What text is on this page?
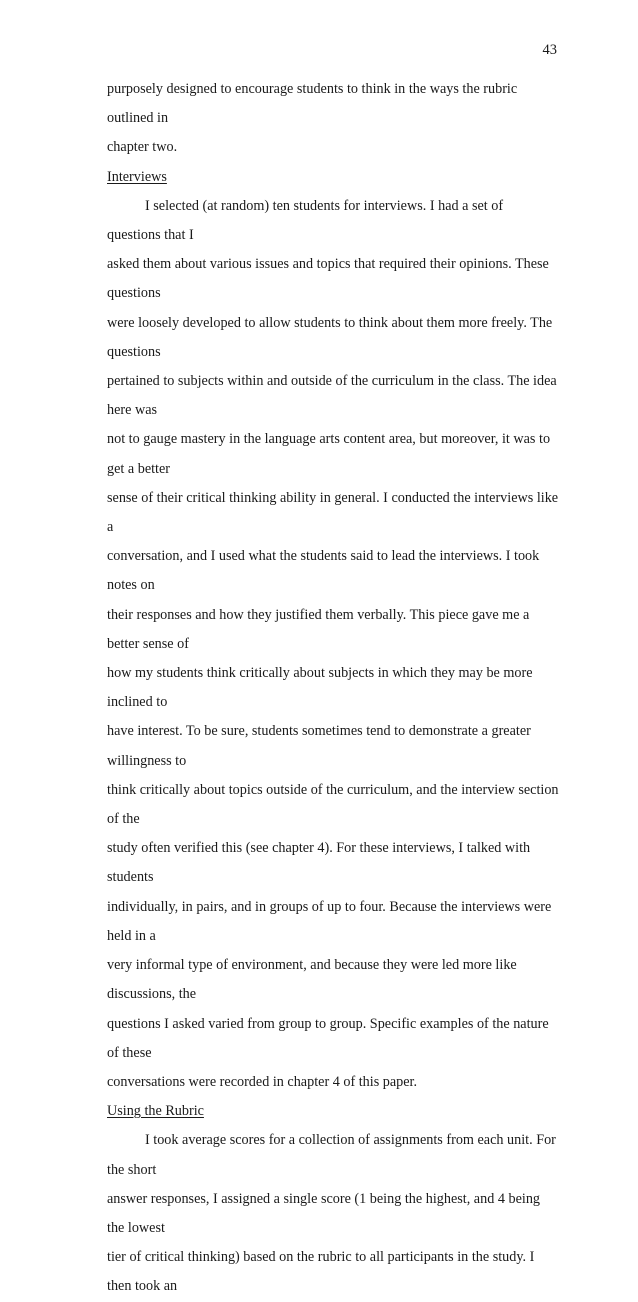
43

purposely designed to encourage students to think in the ways the rubric outlined in

chapter two.

Interviews

I selected (at random) ten students for interviews. I had a set of questions that I

asked them about various issues and topics that required their opinions. These questions

were loosely developed to allow students to think about them more freely. The questions

pertained to subjects within and outside of the curriculum in the class. The idea here was

not to gauge mastery in the language arts content area, but moreover, it was to get a better

sense of their critical thinking ability in general. I conducted the interviews like a

conversation, and I used what the students said to lead the interviews. I took notes on

their responses and how they justified them verbally. This piece gave me a better sense of

how my students think critically about subjects in which they may be more inclined to

have interest. To be sure, students sometimes tend to demonstrate a greater willingness to

think critically about topics outside of the curriculum, and the interview section of the

study often verified this (see chapter 4). For these interviews, I talked with students

individually, in pairs, and in groups of up to four. Because the interviews were held in a

very informal type of environment, and because they were led more like discussions, the

questions I asked varied from group to group. Specific examples of the nature of these

conversations were recorded in chapter 4 of this paper.

Using the Rubric

I took average scores for a collection of assignments from each unit. For the short

answer responses, I assigned a single score (1 being the highest, and 4 being the lowest

tier of critical thinking) based on the rubric to all participants in the study. I then took an
